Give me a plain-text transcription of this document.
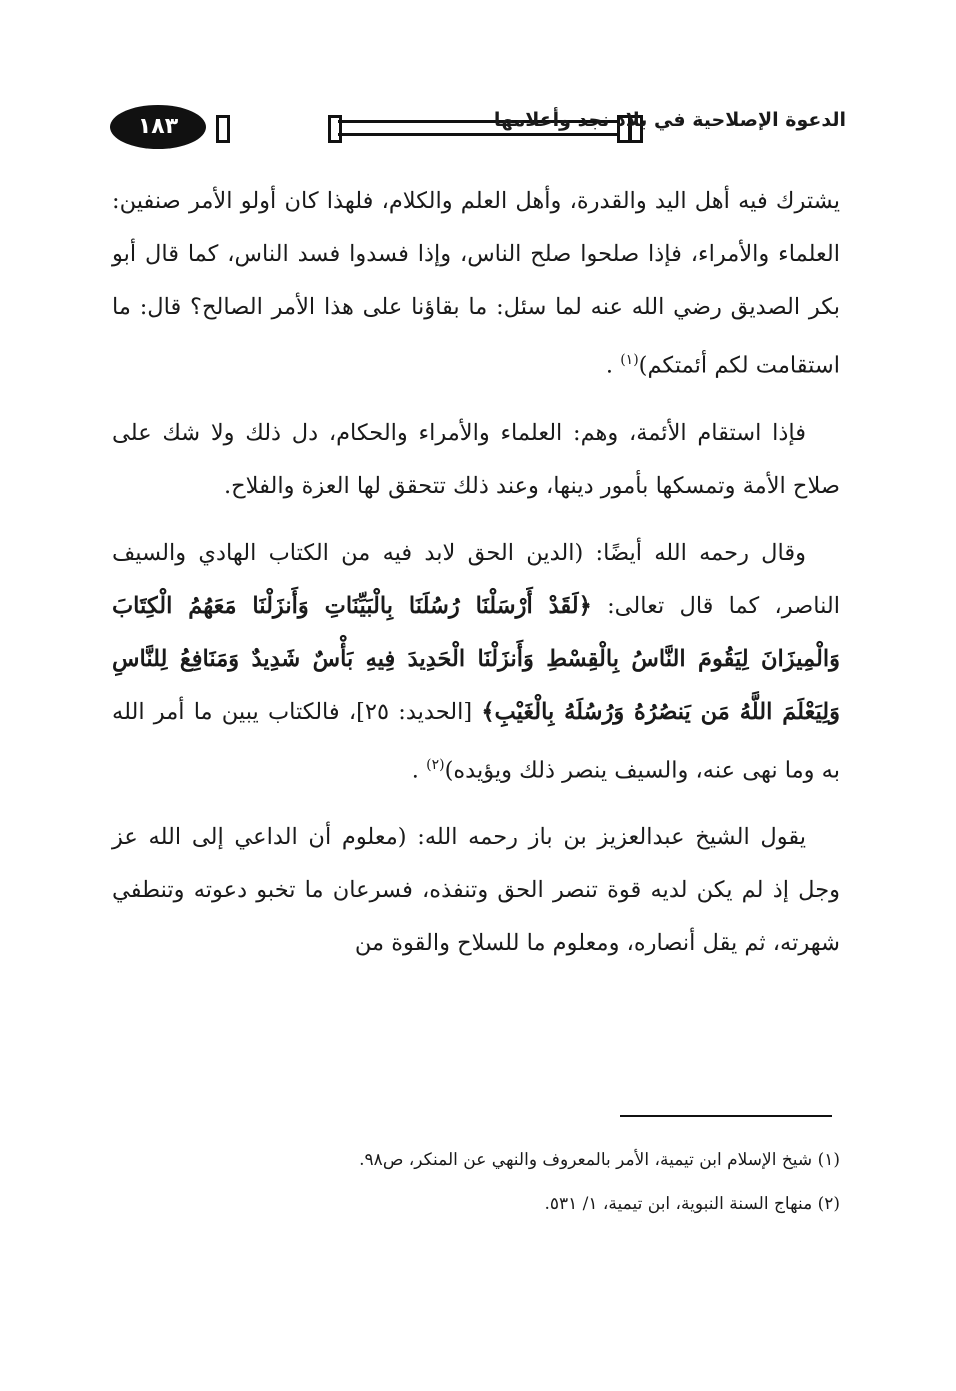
١٨٣	الدعوة الإصلاحية في بلاد نجد وأعلامها

يشترك فيه أهل اليد والقدرة، وأهل العلم والكلام، فلهذا كان أولو الأمر صنفين: العلماء والأمراء، فإذا صلحوا صلح الناس، وإذا فسدوا فسد الناس، كما قال أبو بكر الصديق رضي الله عنه لما سئل: ما بقاؤنا على هذا الأمر الصالح؟ قال: ما استقامت لكم أئمتكم)$^{(١)}$ .

فإذا استقام الأئمة، وهم: العلماء والأمراء والحكام، دل ذلك ولا شك على صلاح الأمة وتمسكها بأمور دينها، وعند ذلك تتحقق لها العزة والفلاح.

وقال رحمه الله أيضًا: (الدين الحق لابد فيه من الكتاب الهادي والسيف الناصر، كما قال تعالى: ﴿لَقَدْ أَرْسَلْنَا رُسُلَنَا بِالْبَيِّنَاتِ وَأَنزَلْنَا مَعَهُمُ الْكِتَابَ وَالْمِيزَانَ لِيَقُومَ النَّاسُ بِالْقِسْطِ وَأَنزَلْنَا الْحَدِيدَ فِيهِ بَأْسٌ شَدِيدٌ وَمَنَافِعُ لِلنَّاسِ وَلِيَعْلَمَ اللَّهُ مَن يَنصُرُهُ وَرُسُلَهُ بِالْغَيْبِ﴾ [الحديد: ٢٥]، فالكتاب يبين ما أمر الله به وما نهى عنه، والسيف ينصر ذلك ويؤيده)$^{(٢)}$ .

يقول الشيخ عبدالعزيز بن باز رحمه الله: (معلوم أن الداعي إلى الله عز وجل إذ لم يكن لديه قوة تنصر الحق وتنفذه، فسرعان ما تخبو دعوته وتنطفي شهرته، ثم يقل أنصاره، ومعلوم ما للسلاح والقوة من

(١) شيخ الإسلام ابن تيمية، الأمر بالمعروف والنهي عن المنكر، ص٩٨.
(٢) منهاج السنة النبوية، ابن تيمية، ١/ ٥٣١.
